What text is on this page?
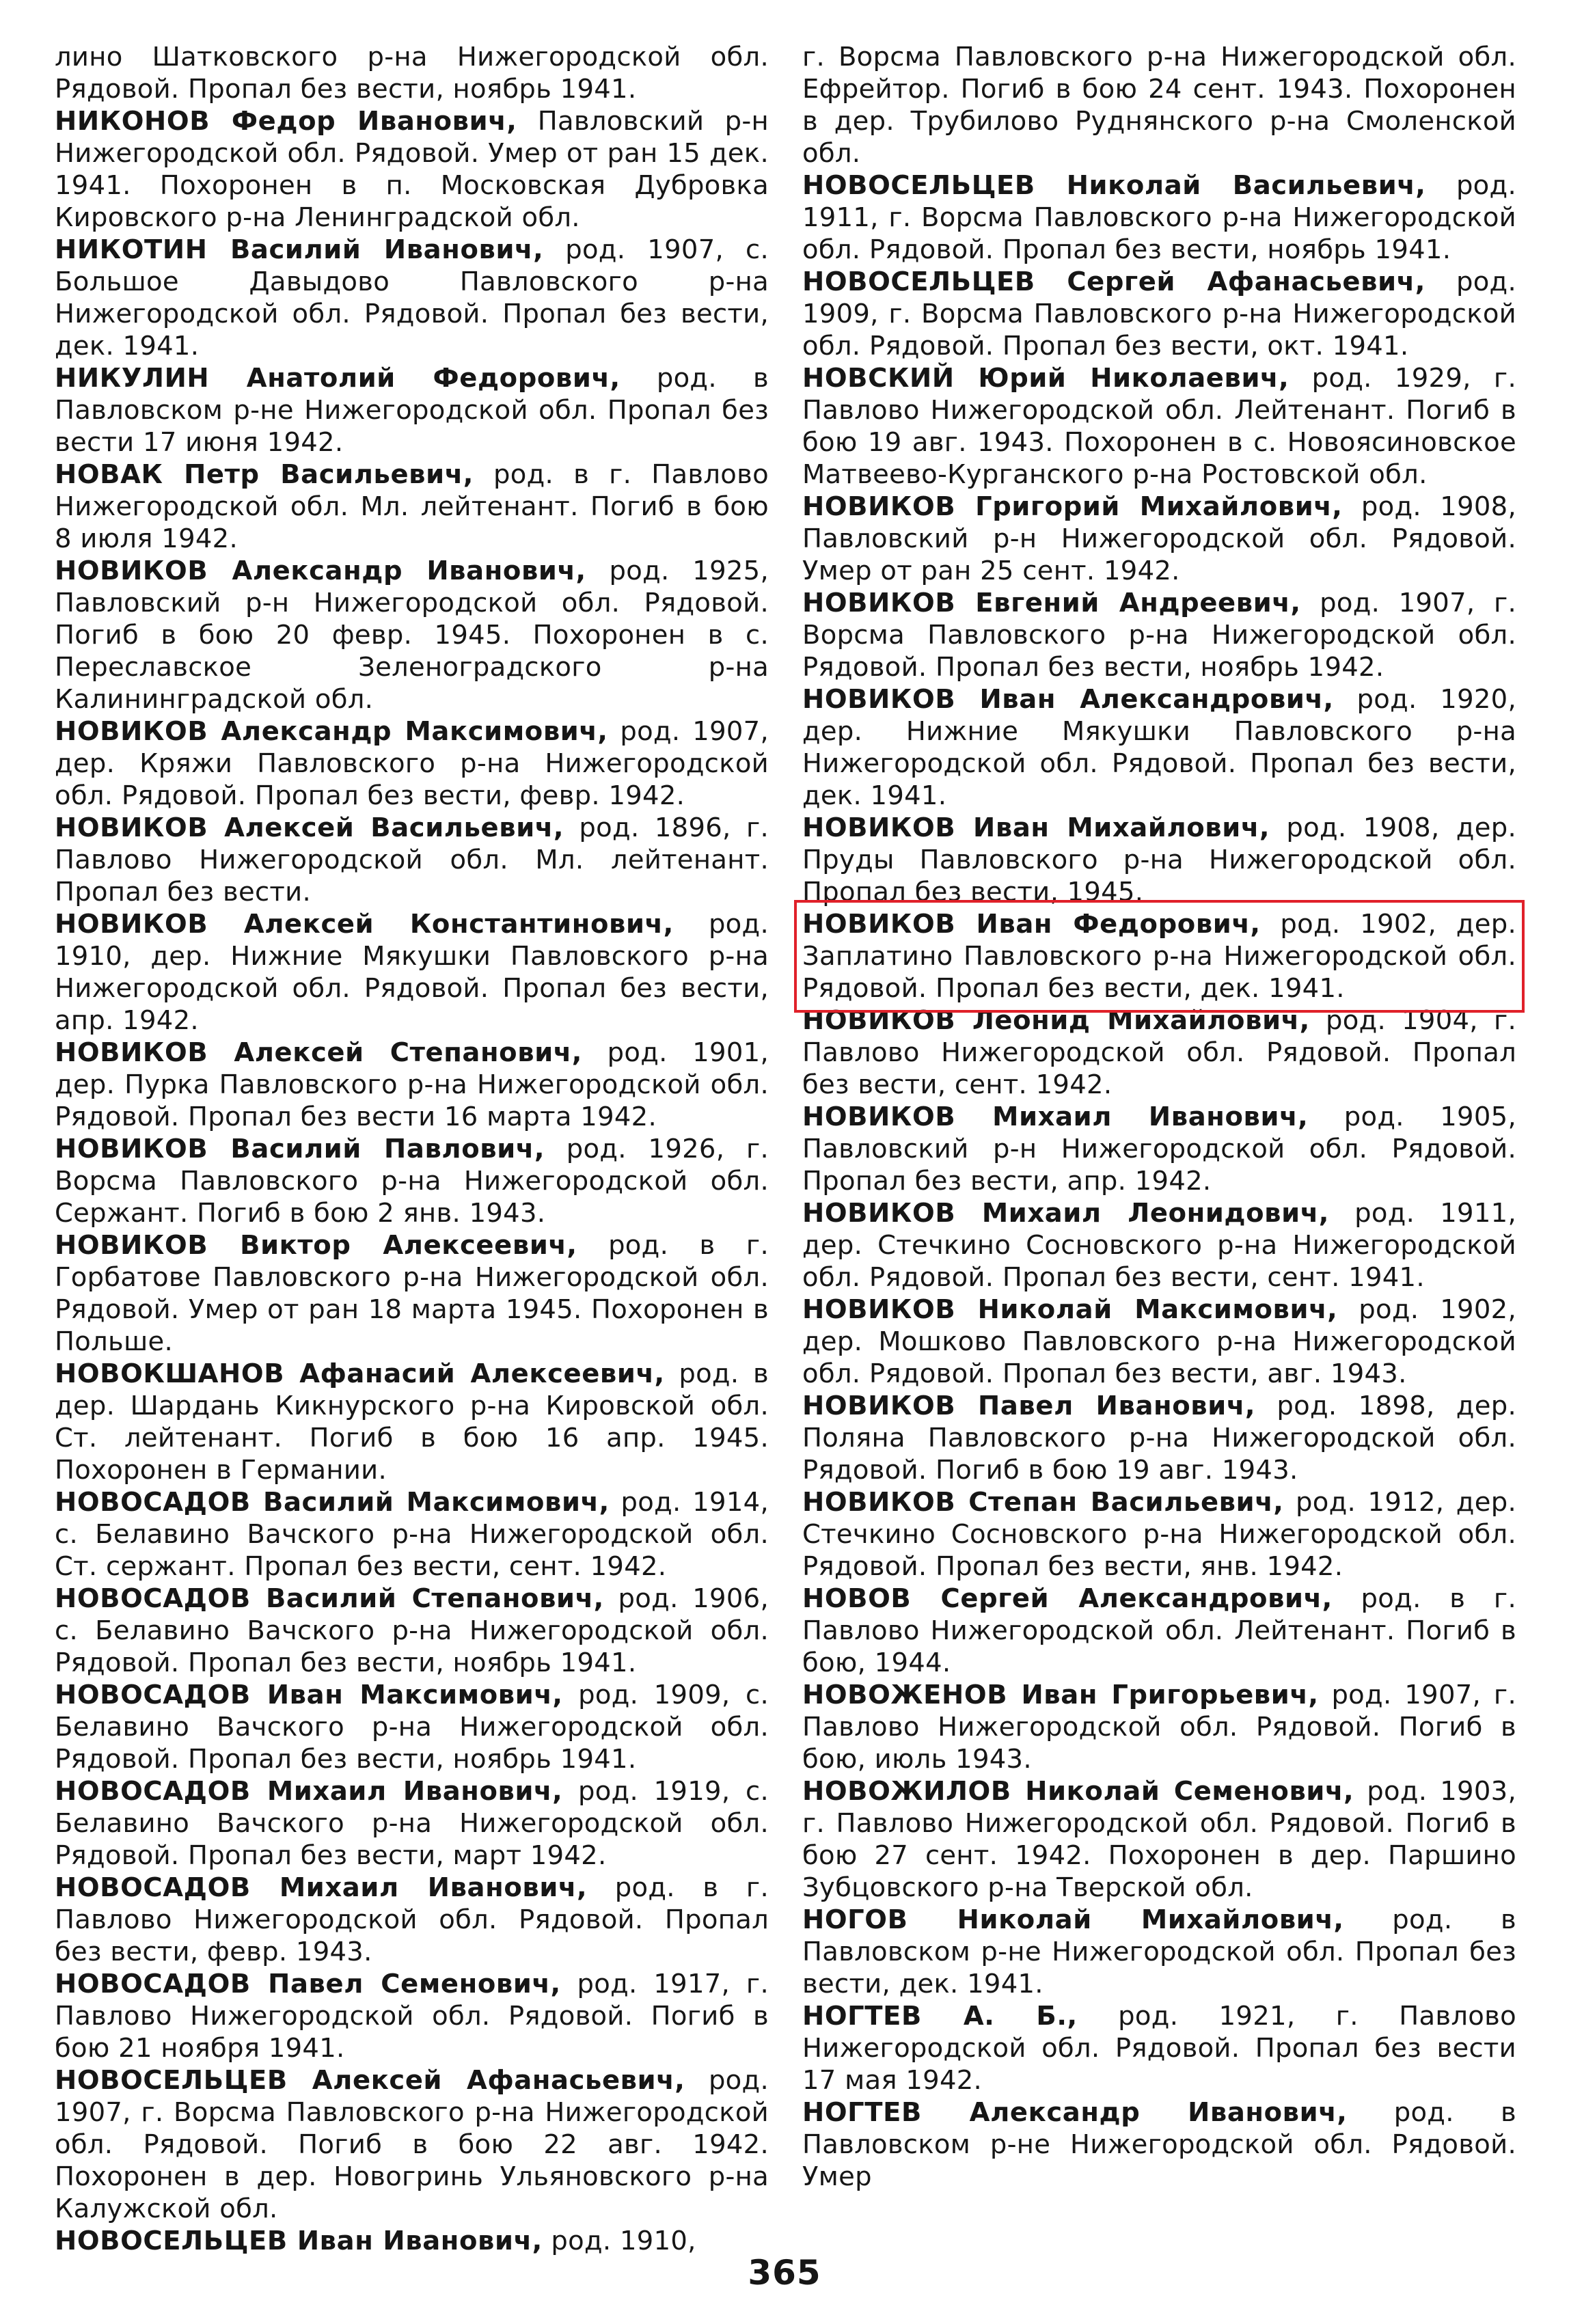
лино Шатковского р-на Нижегородской обл. Рядовой. Пропал без вести, ноябрь 1941.

НИКОНОВ Федор Иванович, Павловский р-н Нижегородской обл. Рядовой. Умер от ран 15 дек. 1941. Похоронен в п. Московская Дубровка Кировского р-на Ленинградской обл.

НИКОТИН Василий Иванович, род. 1907, с. Большое Давыдово Павловского р-на Нижегородской обл. Рядовой. Пропал без вести, дек. 1941.

НИКУЛИН Анатолий Федорович, род. в Павловском р-не Нижегородской обл. Пропал без вести 17 июня 1942.

НОВАК Петр Васильевич, род. в г. Павлово Нижегородской обл. Мл. лейтенант. Погиб в бою 8 июля 1942.

НОВИКОВ Александр Иванович, род. 1925, Павловский р-н Нижегородской обл. Рядовой. Погиб в бою 20 февр. 1945. Похоронен в с. Переславское Зеленоградского р-на Калининградской обл.

НОВИКОВ Александр Максимович, род. 1907, дер. Кряжи Павловского р-на Нижегородской обл. Рядовой. Пропал без вести, февр. 1942.

НОВИКОВ Алексей Васильевич, род. 1896, г. Павлово Нижегородской обл. Мл. лейтенант. Пропал без вести.

НОВИКОВ Алексей Константинович, род. 1910, дер. Нижние Мякушки Павловского р-на Нижегородской обл. Рядовой. Пропал без вести, апр. 1942.

НОВИКОВ Алексей Степанович, род. 1901, дер. Пурка Павловского р-на Нижегородской обл. Рядовой. Пропал без вести 16 марта 1942.

НОВИКОВ Василий Павлович, род. 1926, г. Ворсма Павловского р-на Нижегородской обл. Сержант. Погиб в бою 2 янв. 1943.

НОВИКОВ Виктор Алексеевич, род. в г. Горбатове Павловского р-на Нижегородской обл. Рядовой. Умер от ран 18 марта 1945. Похоронен в Польше.

НОВОКШАНОВ Афанасий Алексеевич, род. в дер. Шардань Кикнурского р-на Кировской обл. Ст. лейтенант. Погиб в бою 16 апр. 1945. Похоронен в Германии.

НОВОСАДОВ Василий Максимович, род. 1914, с. Белавино Вачского р-на Нижегородской обл. Ст. сержант. Пропал без вести, сент. 1942.

НОВОСАДОВ Василий Степанович, род. 1906, с. Белавино Вачского р-на Нижегородской обл. Рядовой. Пропал без вести, ноябрь 1941.

НОВОСАДОВ Иван Максимович, род. 1909, с. Белавино Вачского р-на Нижегородской обл. Рядовой. Пропал без вести, ноябрь 1941.

НОВОСАДОВ Михаил Иванович, род. 1919, с. Белавино Вачского р-на Нижегородской обл. Рядовой. Пропал без вести, март 1942.

НОВОСАДОВ Михаил Иванович, род. в г. Павлово Нижегородской обл. Рядовой. Пропал без вести, февр. 1943.

НОВОСАДОВ Павел Семенович, род. 1917, г. Павлово Нижегородской обл. Рядовой. Погиб в бою 21 ноября 1941.

НОВОСЕЛЬЦЕВ Алексей Афанасьевич, род. 1907, г. Ворсма Павловского р-на Нижегородской обл. Рядовой. Погиб в бою 22 авг. 1942. Похоронен в дер. Новогринь Ульяновского р-на Калужской обл.

НОВОСЕЛЬЦЕВ Иван Иванович, род. 1910,

г. Ворсма Павловского р-на Нижегородской обл. Ефрейтор. Погиб в бою 24 сент. 1943. Похоронен в дер. Трубилово Руднянского р-на Смоленской обл.

НОВОСЕЛЬЦЕВ Николай Васильевич, род. 1911, г. Ворсма Павловского р-на Нижегородской обл. Рядовой. Пропал без вести, ноябрь 1941.

НОВОСЕЛЬЦЕВ Сергей Афанасьевич, род. 1909, г. Ворсма Павловского р-на Нижегородской обл. Рядовой. Пропал без вести, окт. 1941.

НОВСКИЙ Юрий Николаевич, род. 1929, г. Павлово Нижегородской обл. Лейтенант. Погиб в бою 19 авг. 1943. Похоронен в с. Новоясиновское Матвеево-Курганского р-на Ростовской обл.

НОВИКОВ Григорий Михайлович, род. 1908, Павловский р-н Нижегородской обл. Рядовой. Умер от ран 25 сент. 1942.

НОВИКОВ Евгений Андреевич, род. 1907, г. Ворсма Павловского р-на Нижегородской обл. Рядовой. Пропал без вести, ноябрь 1942.

НОВИКОВ Иван Александрович, род. 1920, дер. Нижние Мякушки Павловского р-на Нижегородской обл. Рядовой. Пропал без вести, дек. 1941.

НОВИКОВ Иван Михайлович, род. 1908, дер. Пруды Павловского р-на Нижегородской обл. Пропал без вести, 1945.

НОВИКОВ Иван Федорович, род. 1902, дер. Заплатино Павловского р-на Нижегородской обл. Рядовой. Пропал без вести, дек. 1941.

НОВИКОВ Леонид Михайлович, род. 1904, г. Павлово Нижегородской обл. Рядовой. Пропал без вести, сент. 1942.

НОВИКОВ Михаил Иванович, род. 1905, Павловский р-н Нижегородской обл. Рядовой. Пропал без вести, апр. 1942.

НОВИКОВ Михаил Леонидович, род. 1911, дер. Стечкино Сосновского р-на Нижегородской обл. Рядовой. Пропал без вести, сент. 1941.

НОВИКОВ Николай Максимович, род. 1902, дер. Мошково Павловского р-на Нижегородской обл. Рядовой. Пропал без вести, авг. 1943.

НОВИКОВ Павел Иванович, род. 1898, дер. Поляна Павловского р-на Нижегородской обл. Рядовой. Погиб в бою 19 авг. 1943.

НОВИКОВ Степан Васильевич, род. 1912, дер. Стечкино Сосновского р-на Нижегородской обл. Рядовой. Пропал без вести, янв. 1942.

НОВОВ Сергей Александрович, род. в г. Павлово Нижегородской обл. Лейтенант. Погиб в бою, 1944.

НОВОЖЕНОВ Иван Григорьевич, род. 1907, г. Павлово Нижегородской обл. Рядовой. Погиб в бою, июль 1943.

НОВОЖИЛОВ Николай Семенович, род. 1903, г. Павлово Нижегородской обл. Рядовой. Погиб в бою 27 сент. 1942. Похоронен в дер. Паршино Зубцовского р-на Тверской обл.

НОГОВ Николай Михайлович, род. в Павловском р-не Нижегородской обл. Пропал без вести, дек. 1941.

НОГТЕВ А. Б., род. 1921, г. Павлово Нижегородской обл. Рядовой. Пропал без вести 17 мая 1942.

НОГТЕВ Александр Иванович, род. в Павловском р-не Нижегородской обл. Рядовой. Умер

365
